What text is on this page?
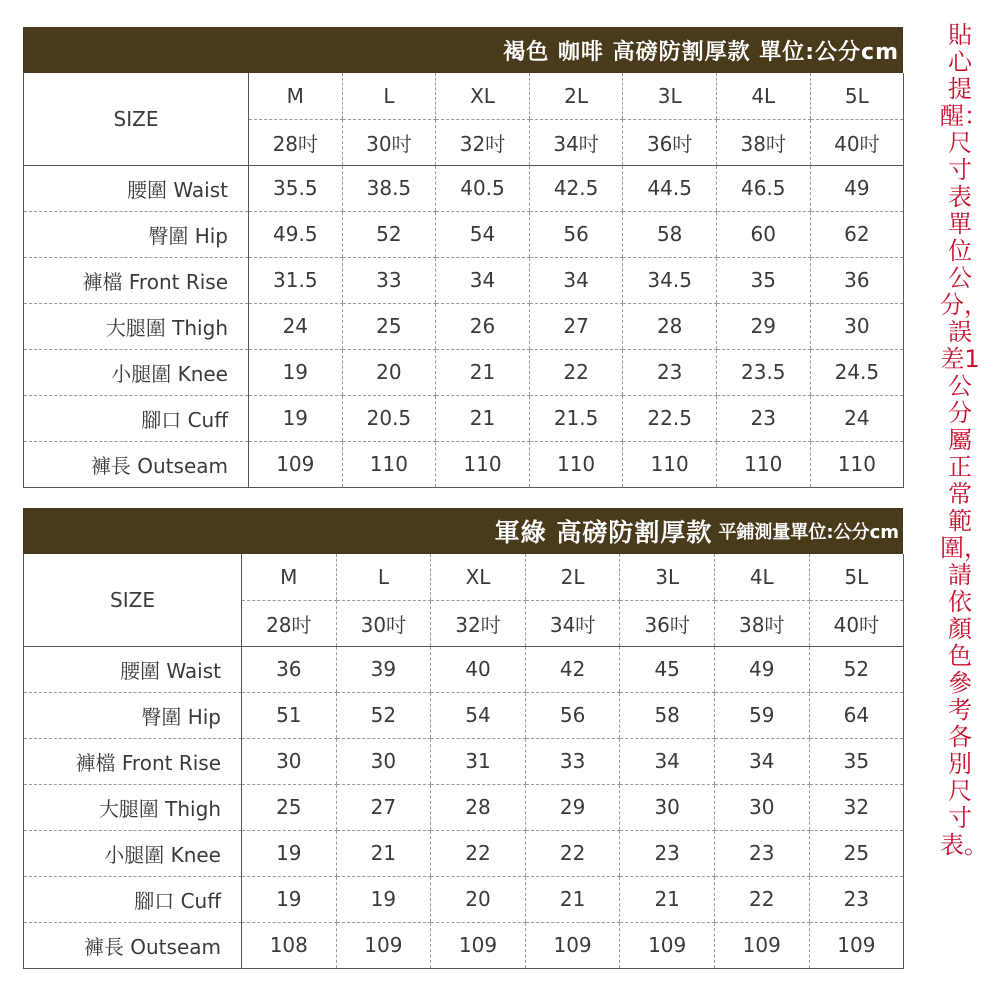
褐色 咖啡 高磅防割厚款 單位:公分cm
SIZE	M	L	XL	2L	3L	4L	5L
	28吋	30吋	32吋	34吋	36吋	38吋	40吋
腰圍 Waist	35.5	38.5	40.5	42.5	44.5	46.5	49
臀圍 Hip	49.5	52	54	56	58	60	62
褲檔 Front Rise	31.5	33	34	34	34.5	35	36
大腿圍 Thigh	24	25	26	27	28	29	30
小腿圍 Knee	19	20	21	22	23	23.5	24.5
腳口 Cuff	19	20.5	21	21.5	22.5	23	24
褲長 Outseam	109	110	110	110	110	110	110
軍綠 高磅防割厚款 平鋪測量單位:公分cm
SIZE	M	L	XL	2L	3L	4L	5L
	28吋	30吋	32吋	34吋	36吋	38吋	40吋
腰圍 Waist	36	39	40	42	45	49	52
臀圍 Hip	51	52	54	56	58	59	64
褲檔 Front Rise	30	30	31	33	34	34	35
大腿圍 Thigh	25	27	28	29	30	30	32
小腿圍 Knee	19	21	22	22	23	23	25
腳口 Cuff	19	19	20	21	21	22	23
褲長 Outseam	108	109	109	109	109	109	109
貼心提醒：尺寸表單位公分，誤差1公分屬正常範圍，請依顏色參考各別尺寸表。
